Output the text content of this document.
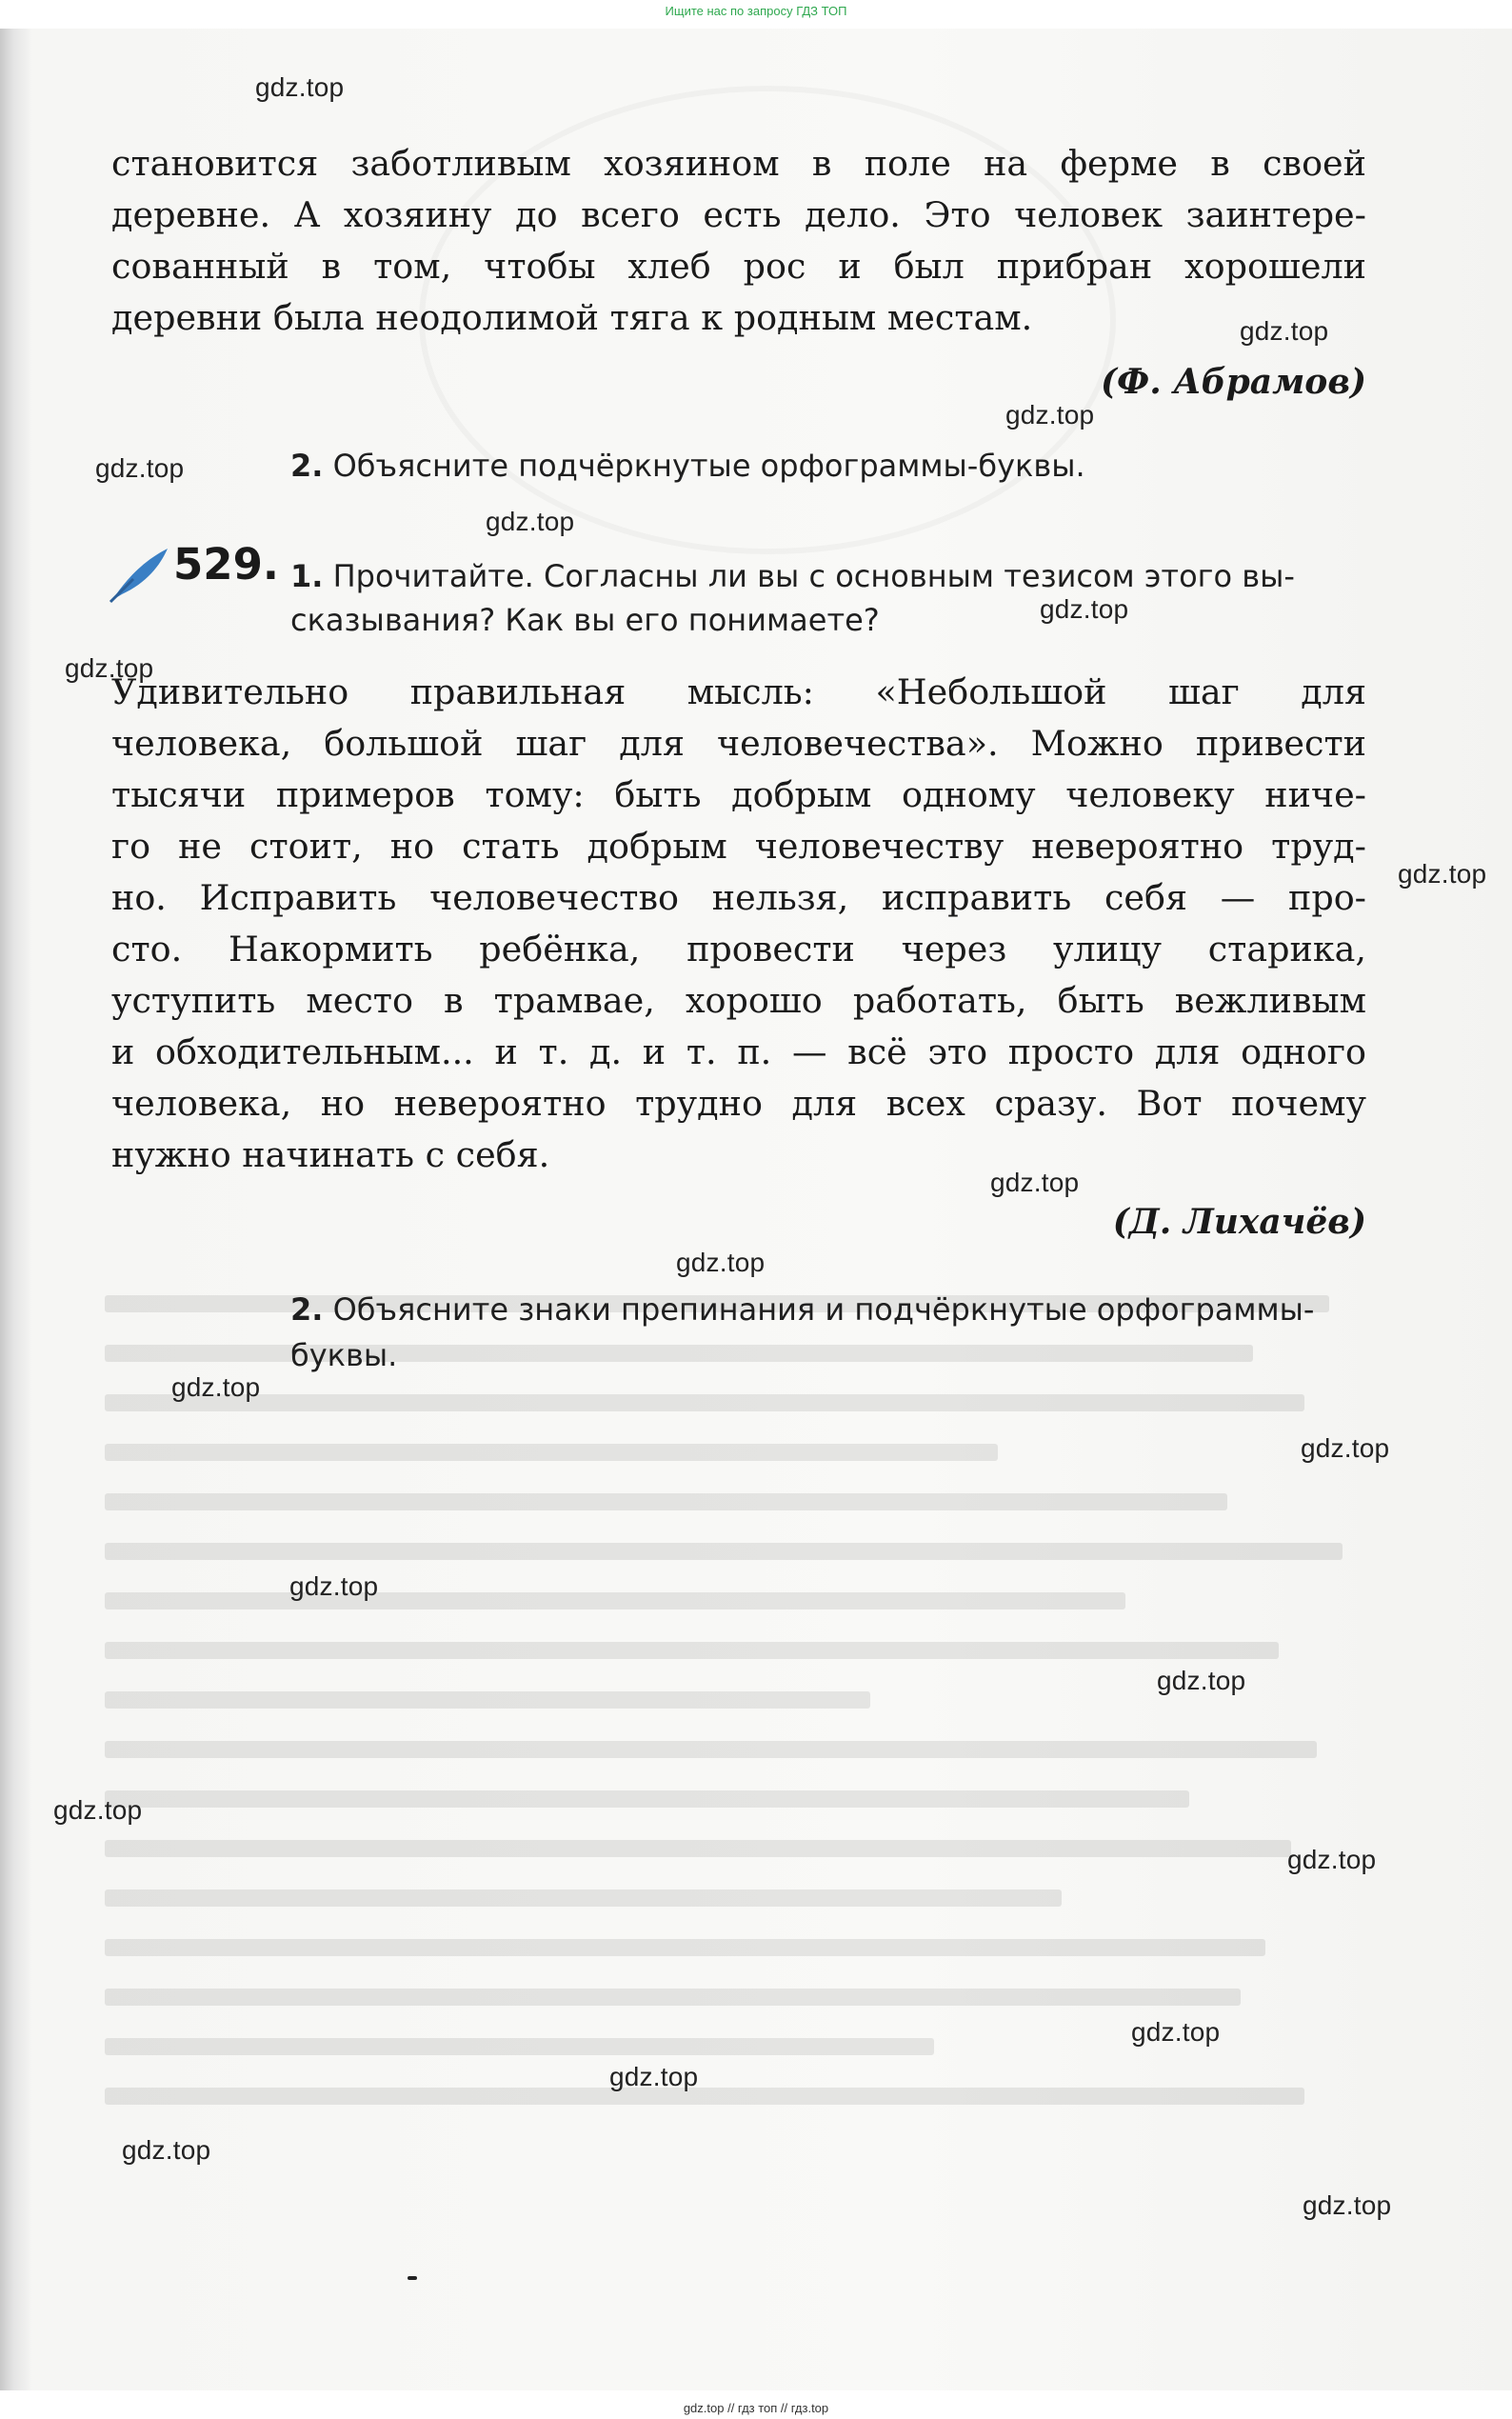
Ищите нас по запросу ГДЗ ТОП
становится заботливым хозяином в поле на ферме в своей
деревне. А хозяину до всего есть дело. Это человек заинтере-
сованный в том, чтобы хлеб рос и был прибран хорошели
деревни была неодолимой тяга к родным местам.
(Ф. Абрамов)
2. Объясните подчёркнутые орфограммы-буквы.
529. 1. Прочитайте. Согласны ли вы с основным тезисом этого вы-
сказывания? Как вы его понимаете?
Удивительно правильная мысль: «Небольшой шаг для
человека, большой шаг для человечества». Можно привести
тысячи примеров тому: быть добрым одному человеку ниче-
го не стоит, но стать добрым человечеству невероятно труд-
но. Исправить человечество нельзя, исправить себя — про-
сто. Накормить ребёнка, провести через улицу старика,
уступить место в трамвае, хорошо работать, быть вежливым
и обходительным... и т. д. и т. п. — всё это просто для одного
человека, но невероятно трудно для всех сразу. Вот почему
нужно начинать с себя.
(Д. Лихачёв)
2. Объясните знаки препинания и подчёркнутые орфограммы-
буквы.
gdz.top
gdz.top
gdz.top
gdz.top
gdz.top
gdz.top
gdz.top
gdz.top
gdz.top
gdz.top
gdz.top
gdz.top
gdz.top
gdz.top
gdz.top
gdz.top
gdz.top
gdz.top
gdz.top
gdz.top
gdz.top // гдз топ // гдз.top
